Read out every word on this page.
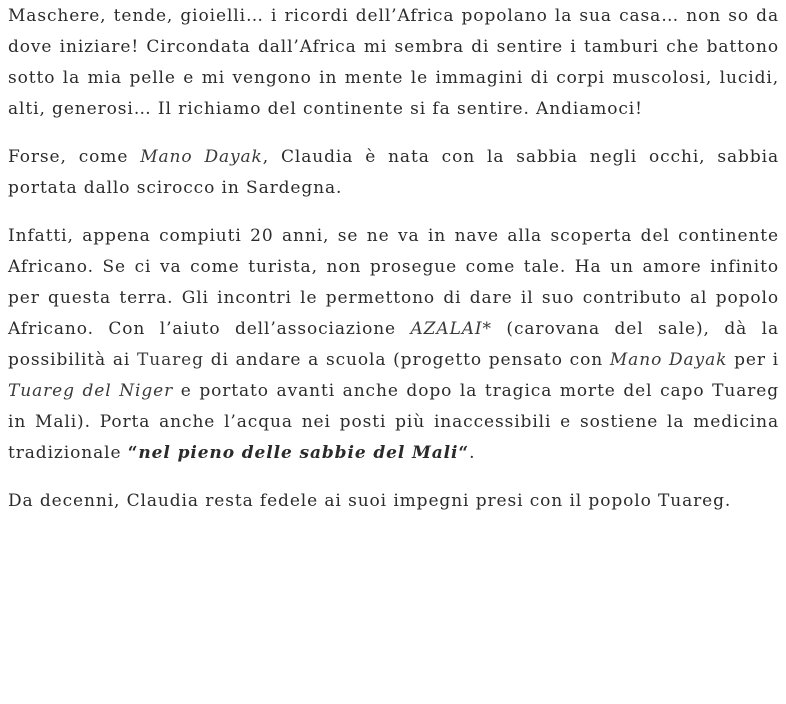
Maschere, tende, gioielli… i ricordi dell’Africa popolano la sua casa… non so da dove iniziare! Circondata dall’Africa mi sembra di sentire i tamburi che battono sotto la mia pelle e mi vengono in mente le immagini di corpi muscolosi, lucidi, alti, generosi… Il richiamo del continente si fa sentire. Andiamoci!

Forse, come Mano Dayak, Claudia è nata con la sabbia negli occhi, sabbia portata dallo scirocco in Sardegna.

Infatti, appena compiuti 20 anni, se ne va in nave alla scoperta del continente Africano. Se ci va come turista, non prosegue come tale. Ha un amore infinito per questa terra. Gli incontri le permettono di dare il suo contributo al popolo Africano. Con l’aiuto dell’associazione AZALAI* (carovana del sale), dà la possibilità ai Tuareg di andare a scuola (progetto pensato con Mano Dayak per i Tuareg del Niger e portato avanti anche dopo la tragica morte del capo Tuareg in Mali). Porta anche l’acqua nei posti più inaccessibili e sostiene la medicina tradizionale “nel pieno delle sabbie del Mali“.

Da decenni, Claudia resta fedele ai suoi impegni presi con il popolo Tuareg.
